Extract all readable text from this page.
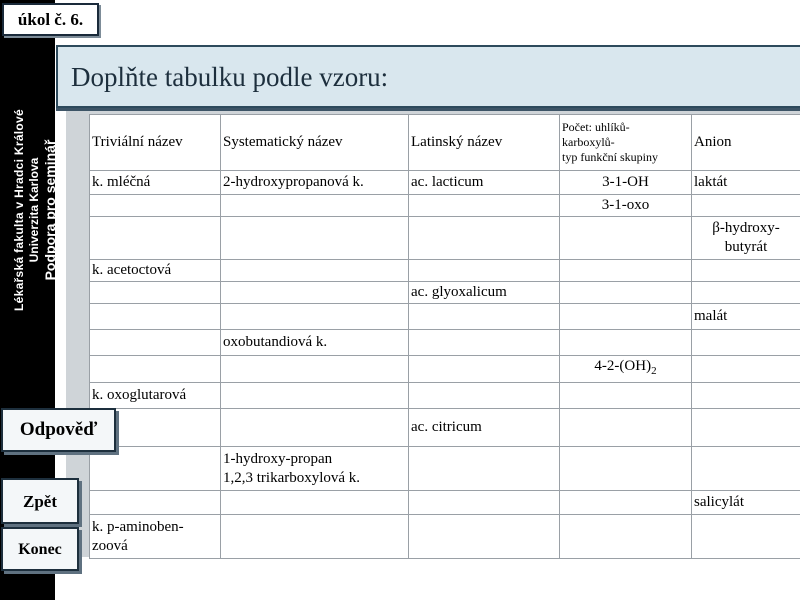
Lékařská fakulta v Hradci Králové Univerzita Karlova Podpora pro seminář
úkol č. 6.
Doplňte tabulku podle vzoru:
Triviální název	Systematický název	Latinský název	Počet: uhlíků-
karboxylů-
typ funkční skupiny	Anion
k. mléčná	2-hydroxypropanová k.	ac. lacticum	3-1-OH	laktát
			3-1-oxo	

				β-hydroxy-
butyrát

k. acetoctová				
		ac. glyoxalicum		
				malát
	oxobutandiová k.			
			$4-2-(OH)_2$	
k. oxoglutarová				
		ac. citricum		

	1-hydroxy-propan
1,2,3 trikarboxylová k.			

				salicylát

k. p-aminoben-
zoová				

Odpověď
Zpět
Konec
